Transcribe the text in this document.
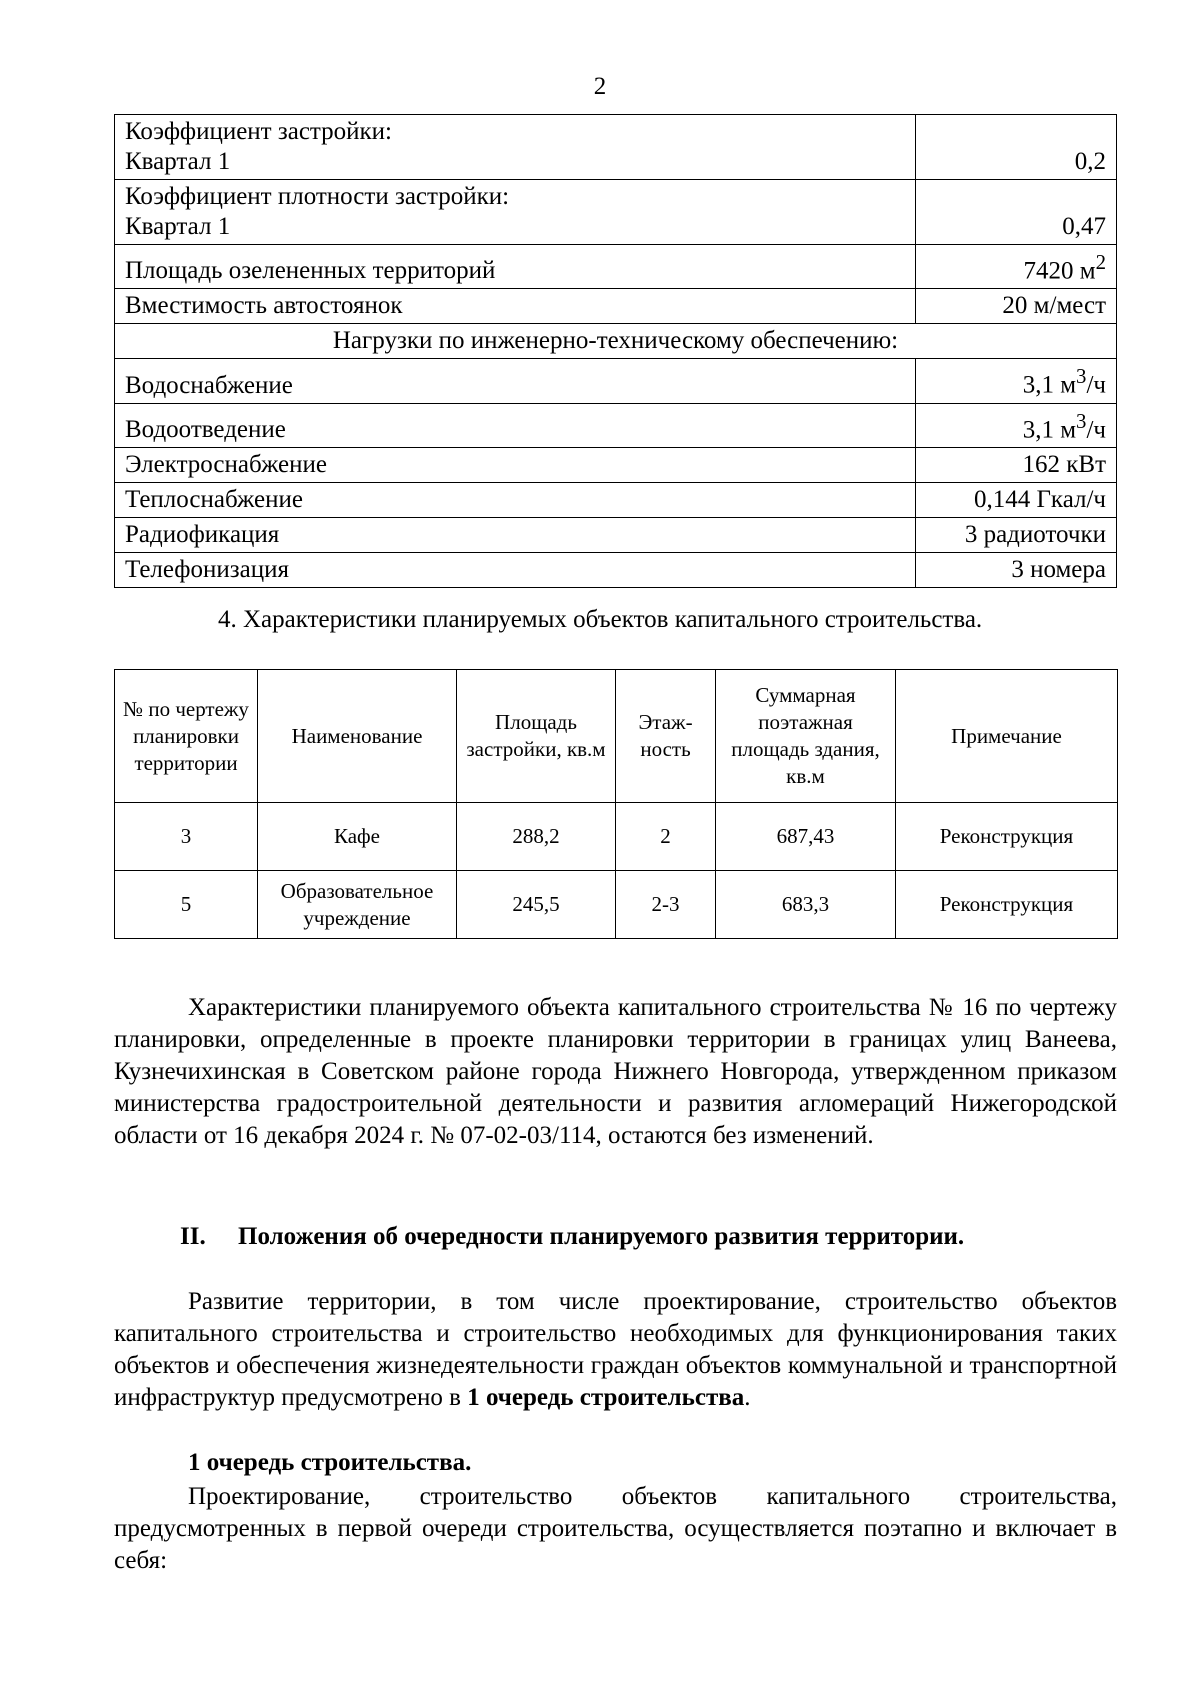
2
Коэффициент застройки:
Квартал 1	0,2

Коэффициент плотности застройки:
Квартал 1	0,47
Площадь озелененных территорий	7420 $м^2$
Вместимость автостоянок	20 м/мест
Нагрузки по инженерно-техническому обеспечению:	
Водоснабжение	3,1 $м^3/ч$
Водоотведение	3,1 $м^3/ч$
Электроснабжение	162 кВт
Теплоснабжение	0,144 Гкал/ч
Радиофикация	3 радиоточки
Телефонизация	3 номера
4. Характеристики планируемых объектов капитального строительства.
№ по чертежу планировки территории	Наименование	Площадь застройки, кв.м	Этаж-ность	Суммарная поэтажная площадь здания, кв.м	Примечание
3	Кафе	288,2	2	687,43	Реконструкция
5	Образовательное учреждение	245,5	2-3	683,3	Реконструкция
Характеристики планируемого объекта капитального строительства № 16 по чертежу планировки, определенные в проекте планировки территории в границах улиц Ванеева, Кузнечихинская в Советском районе города Нижнего Новгорода, утвержденном приказом министерства градостроительной деятельности и развития агломераций Нижегородской области от 16 декабря 2024 г. № 07-02-03/114, остаются без изменений.
II. Положения об очередности планируемого развития территории.
Развитие территории, в том числе проектирование, строительство объектов капитального строительства и строительство необходимых для функционирования таких объектов и обеспечения жизнедеятельности граждан объектов коммунальной и транспортной инфраструктур предусмотрено в 1 очередь строительства.
1 очередь строительства.
Проектирование, строительство объектов капитального строительства, предусмотренных в первой очереди строительства, осуществляется поэтапно и включает в себя:
